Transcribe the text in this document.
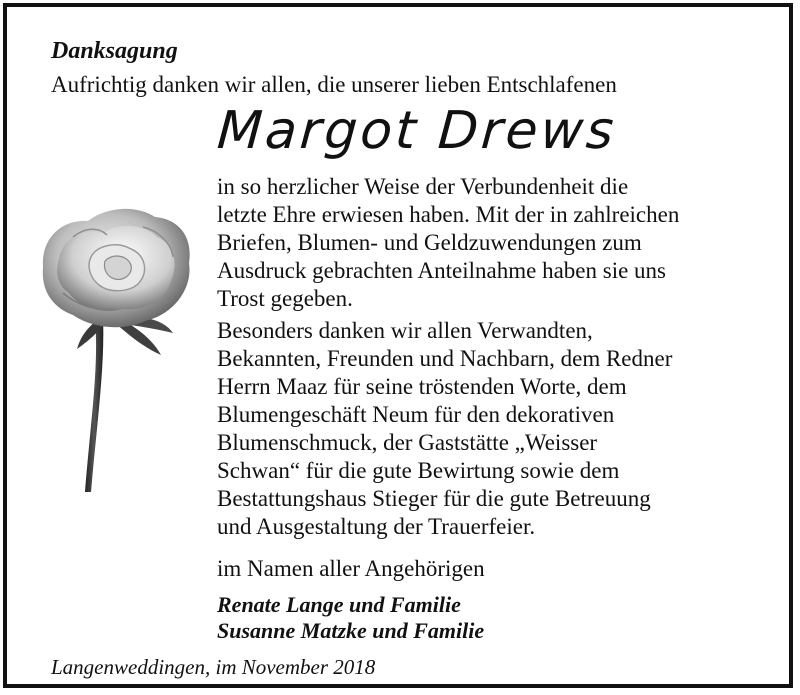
Danksagung
Aufrichtig danken wir allen, die unserer lieben Entschlafenen
Margot Drews
in so herzlicher Weise der Verbundenheit die
letzte Ehre erwiesen haben. Mit der in zahlreichen
Briefen, Blumen- und Geldzuwendungen zum
Ausdruck gebrachten Anteilnahme haben sie uns
Trost gegeben.
Besonders danken wir allen Verwandten,
Bekannten, Freunden und Nachbarn, dem Redner
Herrn Maaz für seine tröstenden Worte, dem
Blumengeschäft Neum für den dekorativen
Blumenschmuck, der Gaststätte „Weisser
Schwan“ für die gute Bewirtung sowie dem
Bestattungshaus Stieger für die gute Betreuung
und Ausgestaltung der Trauerfeier.
im Namen aller Angehörigen
Renate Lange und Familie
Susanne Matzke und Familie
Langenweddingen, im November 2018
